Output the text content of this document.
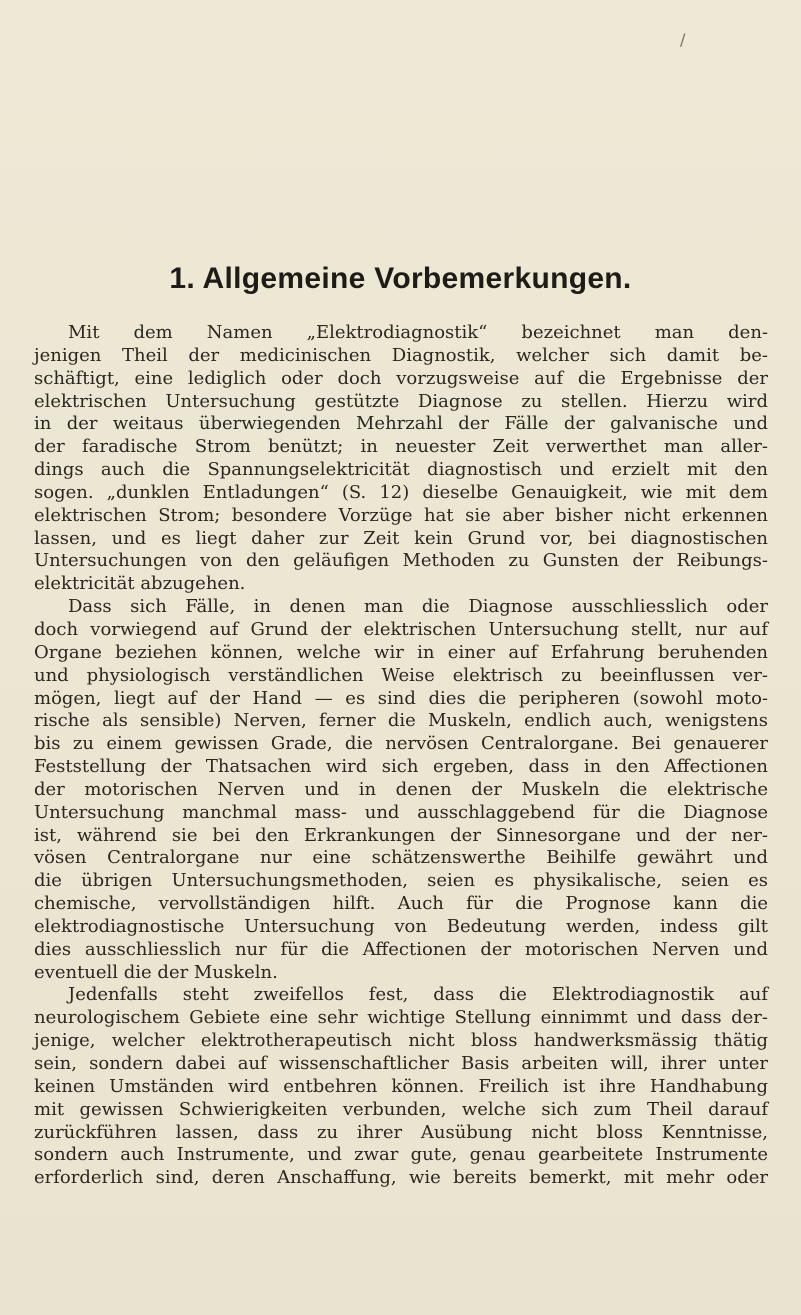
/
1. Allgemeine Vorbemerkungen.
Mit dem Namen „Elektrodiagnostik“ bezeichnet man den-
jenigen Theil der medicinischen Diagnostik, welcher sich damit be-
schäftigt, eine lediglich oder doch vorzugsweise auf die Ergebnisse der
elektrischen Untersuchung gestützte Diagnose zu stellen. Hierzu wird
in der weitaus überwiegenden Mehrzahl der Fälle der galvanische und
der faradische Strom benützt; in neuester Zeit verwerthet man aller-
dings auch die Spannungselektricität diagnostisch und erzielt mit den
sogen. „dunklen Entladungen“ (S. 12) dieselbe Genauigkeit, wie mit dem
elektrischen Strom; besondere Vorzüge hat sie aber bisher nicht erkennen
lassen, und es liegt daher zur Zeit kein Grund vor, bei diagnostischen
Untersuchungen von den geläufigen Methoden zu Gunsten der Reibungs-
elektricität abzugehen.
Dass sich Fälle, in denen man die Diagnose ausschliesslich oder
doch vorwiegend auf Grund der elektrischen Untersuchung stellt, nur auf
Organe beziehen können, welche wir in einer auf Erfahrung beruhenden
und physiologisch verständlichen Weise elektrisch zu beeinflussen ver-
mögen, liegt auf der Hand — es sind dies die peripheren (sowohl moto-
rische als sensible) Nerven, ferner die Muskeln, endlich auch, wenigstens
bis zu einem gewissen Grade, die nervösen Centralorgane. Bei genauerer
Feststellung der Thatsachen wird sich ergeben, dass in den Affectionen
der motorischen Nerven und in denen der Muskeln die elektrische
Untersuchung manchmal mass- und ausschlaggebend für die Diagnose
ist, während sie bei den Erkrankungen der Sinnesorgane und der ner-
vösen Centralorgane nur eine schätzenswerthe Beihilfe gewährt und
die übrigen Untersuchungsmethoden, seien es physikalische, seien es
chemische, vervollständigen hilft. Auch für die Prognose kann die
elektrodiagnostische Untersuchung von Bedeutung werden, indess gilt
dies ausschliesslich nur für die Affectionen der motorischen Nerven und
eventuell die der Muskeln.
Jedenfalls steht zweifellos fest, dass die Elektrodiagnostik auf
neurologischem Gebiete eine sehr wichtige Stellung einnimmt und dass der-
jenige, welcher elektrotherapeutisch nicht bloss handwerksmässig thätig
sein, sondern dabei auf wissenschaftlicher Basis arbeiten will, ihrer unter
keinen Umständen wird entbehren können. Freilich ist ihre Handhabung
mit gewissen Schwierigkeiten verbunden, welche sich zum Theil darauf
zurückführen lassen, dass zu ihrer Ausübung nicht bloss Kenntnisse,
sondern auch Instrumente, und zwar gute, genau gearbeitete Instrumente
erforderlich sind, deren Anschaffung, wie bereits bemerkt, mit mehr oder
